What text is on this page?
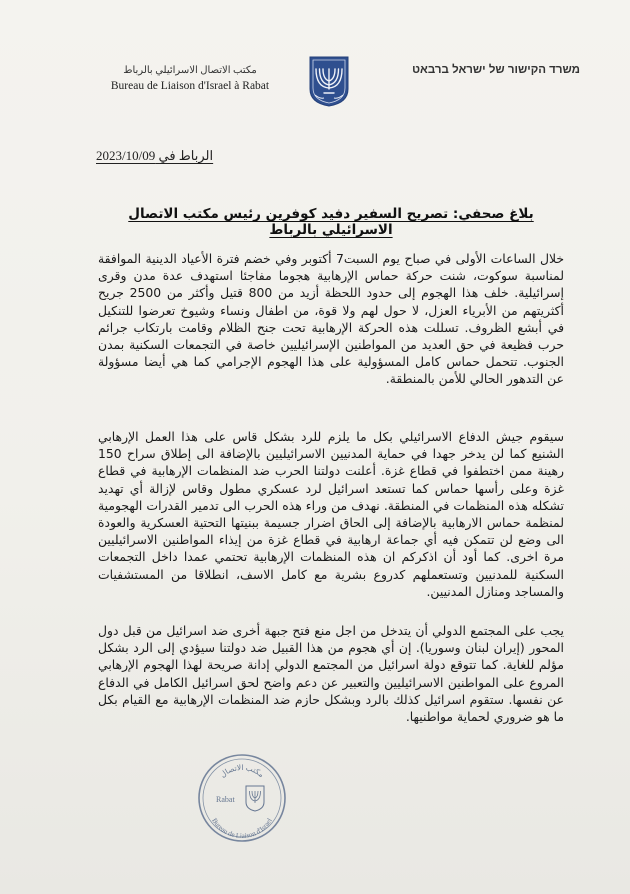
مكتب الاتصال الاسرائيلي بالرباط
Bureau de Liaison d'Israel à Rabat
משרד הקישור של ישראל ברבאט
الرباط في 2023/10/09
بلاغ صحفي: تصريح السفير دفيد كوفرين رئيس مكتب الاتصال الاسرائيلي بالرباط
خلال الساعات الأولى في صباح يوم السبت7 أكتوبر وفي خضم فترة الأعياد الدينية الموافقة لمناسبة سوكوت، شنت حركة حماس الإرهابية هجوما مفاجئا استهدف عدة مدن وقرى إسرائيلية. خلف هذا الهجوم إلى حدود اللحظة أزيد من 800 قتيل وأكثر من 2500 جريح أكثريتهم من الأبرياء العزل، لا حول لهم ولا قوة، من اطفال ونساء وشيوخ تعرضوا للتنكيل في أبشع الظروف. تسللت هذه الحركة الإرهابية تحت جنح الظلام وقامت بارتكاب جرائم حرب فظيعة في حق العديد من المواطنين الإسرائيليين خاصة في التجمعات السكنية بمدن الجنوب. تتحمل حماس كامل المسؤولية على هذا الهجوم الإجرامي كما هي أيضا مسؤولة عن التدهور الحالي للأمن بالمنطقة.
سيقوم جيش الدفاع الاسرائيلي بكل ما يلزم للرد بشكل قاس على هذا العمل الإرهابي الشنيع كما لن يدخر جهدا في حماية المدنيين الاسرائيليين بالإضافة الى إطلاق سراح 150 رهينة ممن اختطفوا في قطاع غزة. أعلنت دولتنا الحرب ضد المنظمات الإرهابية في قطاع غزة وعلى رأسها حماس كما تستعد اسرائيل لرد عسكري مطول وقاس لإزالة أي تهديد تشكله هذه المنظمات في المنطقة. نهدف من وراء هذه الحرب الى تدمير القدرات الهجومية لمنظمة حماس الارهابية بالإضافة إلى الحاق اضرار جسيمة ببنيتها التحتية العسكرية والعودة الى وضع لن تتمكن فيه أي جماعة ارهابية في قطاع غزة من إيذاء المواطنين الاسرائيليين مرة اخرى. كما أود أن اذكركم ان هذه المنظمات الإرهابية تحتمي عمدا داخل التجمعات السكنية للمدنيين وتستعملهم كدروع بشرية مع كامل الاسف، انطلاقا من المستشفيات والمساجد ومنازل المدنيين.
يجب على المجتمع الدولي أن يتدخل من اجل منع فتح جبهة أخرى ضد اسرائيل من قبل دول المحور (إيران لبنان وسوريا). إن أي هجوم من هذا القبيل ضد دولتنا سيؤدي إلى الرد بشكل مؤلم للغاية. كما تتوقع دولة اسرائيل من المجتمع الدولي إدانة صريحة لهذا الهجوم الإرهابي المروع على المواطنين الاسرائيليين والتعبير عن دعم واضح لحق اسرائيل الكامل في الدفاع عن نفسها. ستقوم اسرائيل كذلك بالرد وبشكل حازم ضد المنظمات الإرهابية مع القيام بكل ما هو ضروري لحماية مواطنيها.
مكتب الاتصال
Bureau de Liaison d'Israel
Rabat
